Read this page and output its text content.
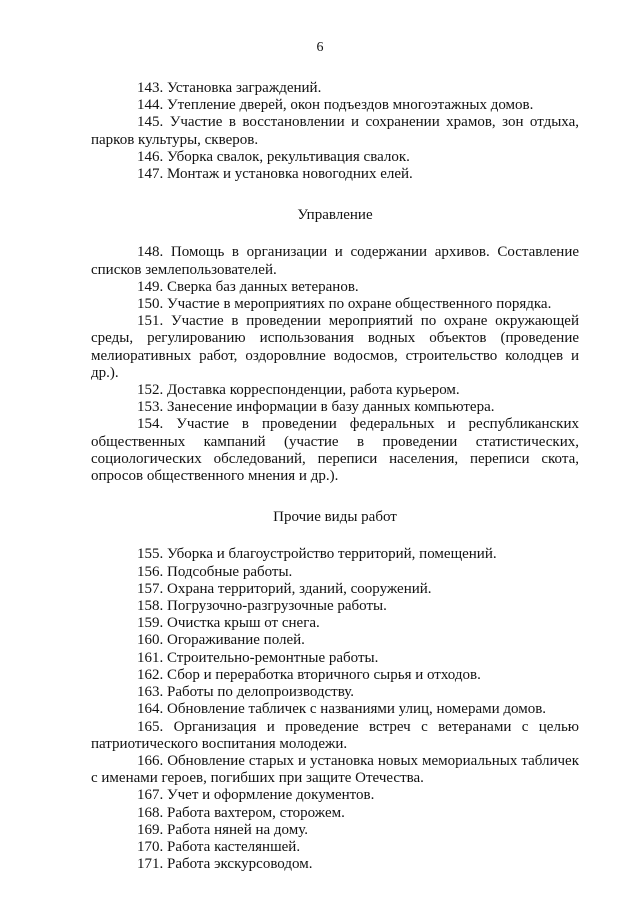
6

143. Установка заграждений.

144. Утепление дверей, окон подъездов многоэтажных домов.

145. Участие в восстановлении и сохранении храмов, зон отдыха, парков культуры, скверов.

146. Уборка свалок, рекультивация свалок.

147. Монтаж и установка новогодних елей.

Управление

148. Помощь в организации и содержании архивов. Составление списков землепользователей.

149. Сверка баз данных ветеранов.

150. Участие в мероприятиях по охране общественного порядка.

151. Участие в проведении мероприятий по охране окружающей среды, регулированию использования водных объектов (проведение мелиоративных работ, оздоровлние водосмов, строительство колодцев и др.).

152. Доставка корреспонденции, работа курьером.

153. Занесение информации в базу данных компьютера.

154. Участие в проведении федеральных и республиканских общественных кампаний (участие в проведении статистических, социологических обследований, переписи населения, переписи скота, опросов общественного мнения и др.).

Прочие виды работ

155. Уборка и благоустройство территорий, помещений.

156. Подсобные работы.

157. Охрана территорий, зданий, сооружений.

158. Погрузочно-разгрузочные работы.

159. Очистка крыш от снега.

160. Огораживание полей.

161. Строительно-ремонтные работы.

162. Сбор и переработка вторичного сырья и отходов.

163. Работы по делопроизводству.

164. Обновление табличек с названиями улиц, номерами домов.

165. Организация и проведение встреч с ветеранами с целью патриотического воспитания молодежи.

166. Обновление старых и установка новых мемориальных табличек с именами героев, погибших при защите Отечества.

167. Учет и оформление документов.

168. Работа вахтером, сторожем.

169. Работа няней на дому.

170. Работа кастеляншей.

171. Работа экскурсоводом.
